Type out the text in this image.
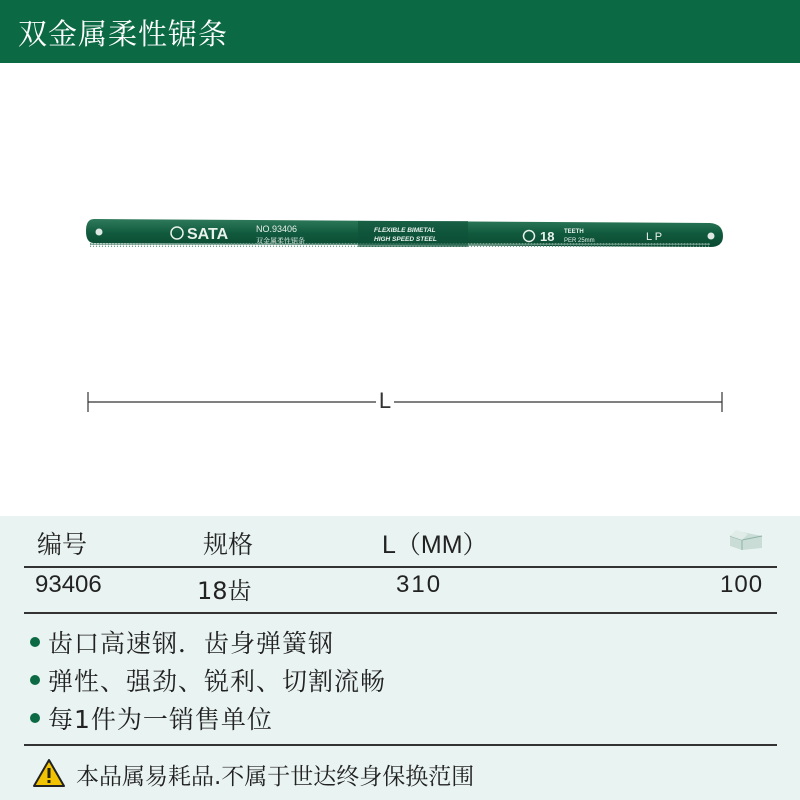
双金属柔性锯条
SATA	NO.93406
双金属柔性锯条
FLEXIBLE BIMETAL
HIGH SPEED STEEL	18 TEETH
PER 25mm	L P
L
编号	规格	L（MM）
93406	18齿	310	100
齿口高速钢．齿身弹簧钢
弹性、强劲、锐利、切割流畅
每1件为一销售单位
本品属易耗品.不属于世达终身保换范围
